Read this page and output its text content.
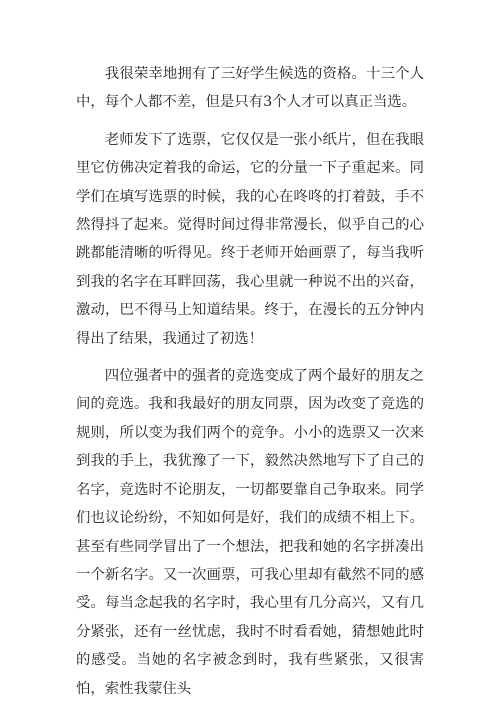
我很荣幸地拥有了三好学生候选的资格。十三个人中，每个人都不差，但是只有3个人才可以真正当选。

老师发下了选票，它仅仅是一张小纸片，但在我眼里它仿佛决定着我的命运，它的分量一下子重起来。同学们在填写选票的时候，我的心在咚咚的打着鼓，手不然得抖了起来。觉得时间过得非常漫长，似乎自己的心跳都能清晰的听得见。终于老师开始画票了，每当我听到我的名字在耳畔回荡，我心里就一种说不出的兴奋，激动，巴不得马上知道结果。终于，在漫长的五分钟内得出了结果，我通过了初选！

四位强者中的强者的竞选变成了两个最好的朋友之间的竞选。我和我最好的朋友同票，因为改变了竞选的规则，所以变为我们两个的竞争。小小的选票又一次来到我的手上，我犹豫了一下，毅然决然地写下了自己的名字，竞选时不论朋友，一切都要靠自己争取来。同学们也议论纷纷，不知如何是好，我们的成绩不相上下。甚至有些同学冒出了一个想法，把我和她的名字拼凑出一个新名字。又一次画票，可我心里却有截然不同的感受。每当念起我的名字时，我心里有几分高兴，又有几分紧张，还有一丝忧虑，我时不时看看她，猜想她此时的感受。当她的名字被念到时，我有些紧张，又很害怕，索性我蒙住头
